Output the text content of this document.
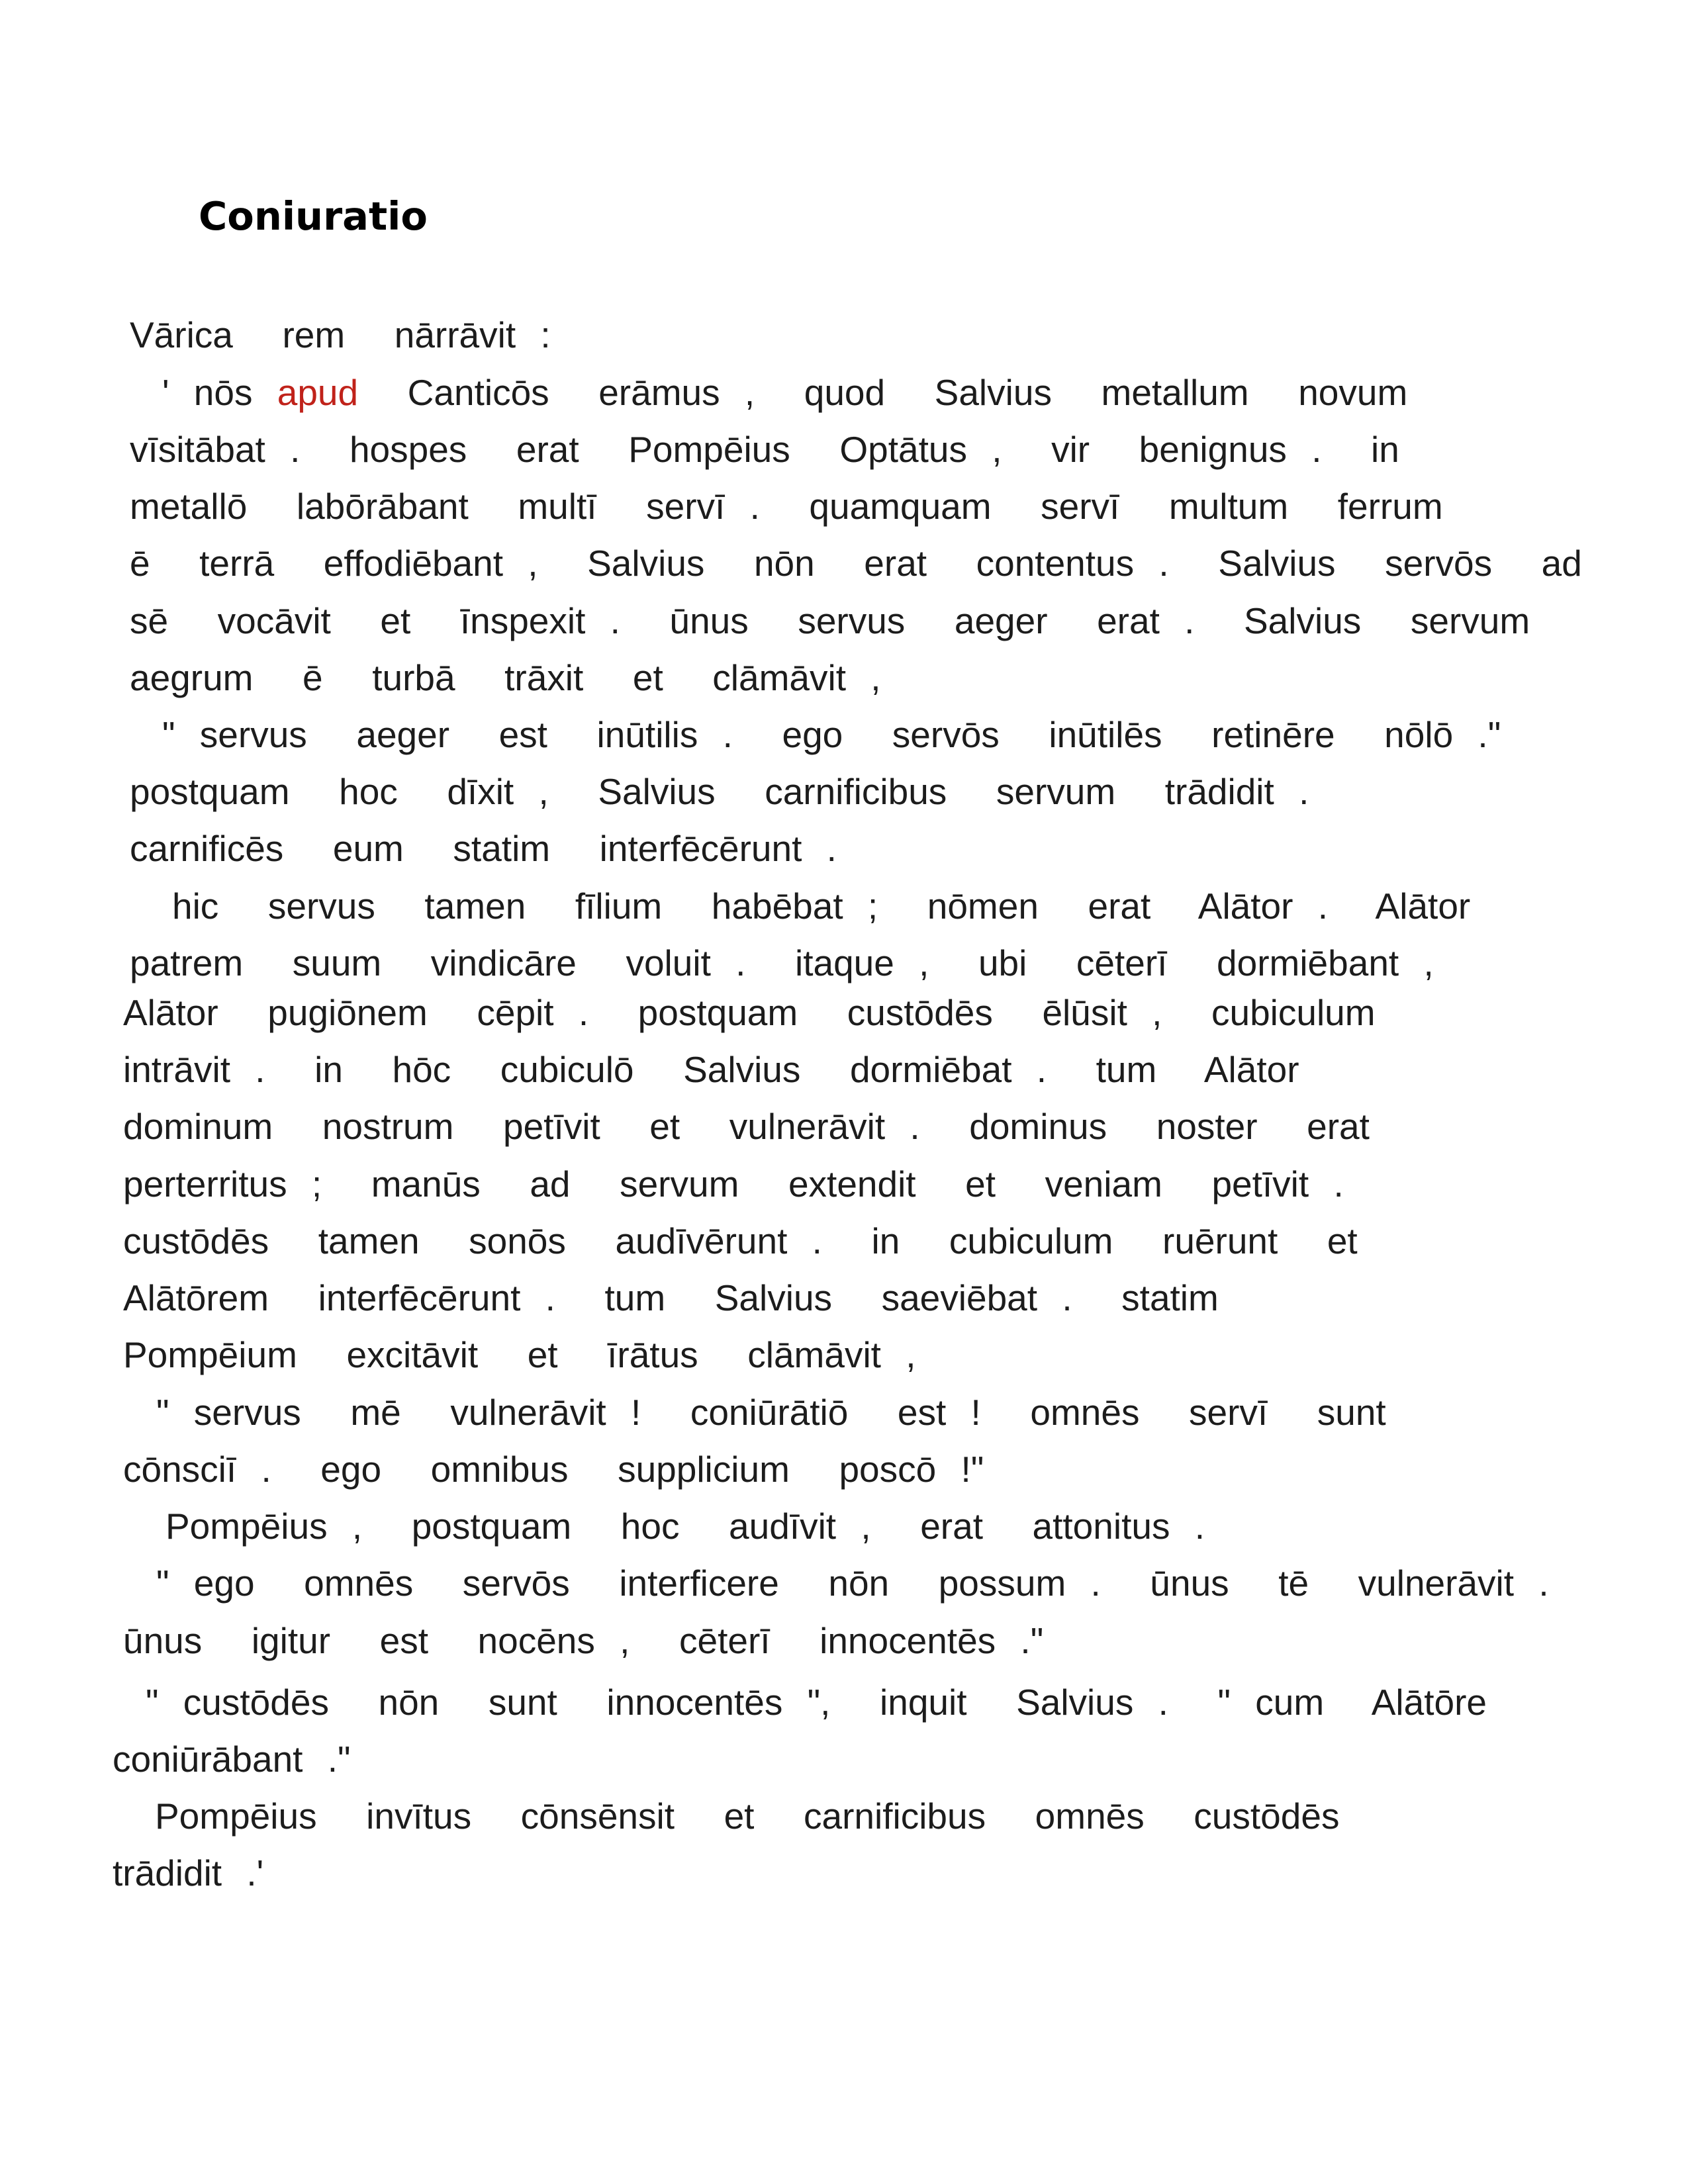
Coniuratio

Vārica  rem  nārrāvit :

' nōs apud  Canticōs  erāmus ,  quod  Salvius  metallum  novum

vīsitābat .  hospes  erat  Pompēius  Optātus ,  vir  benignus .  in

metallō  labōrābant  multī  servī .  quamquam  servī  multum  ferrum

ē  terrā  effodiēbant ,  Salvius  nōn  erat  contentus .  Salvius  servōs  ad

sē  vocāvit  et  īnspexit .  ūnus  servus  aeger  erat .  Salvius  servum

aegrum  ē  turbā  trāxit  et  clāmāvit ,

" servus  aeger  est  inūtilis .  ego  servōs  inūtilēs  retinēre  nōlō ."

postquam  hoc  dīxit ,  Salvius  carnificibus  servum  trādidit .

carnificēs  eum  statim  interfēcērunt .

hic  servus  tamen  fīlium  habēbat ;  nōmen  erat  Alātor .  Alātor

patrem  suum  vindicāre  voluit .  itaque ,  ubi  cēterī  dormiēbant ,

Alātor  pugiōnem  cēpit .  postquam  custōdēs  ēlūsit ,  cubiculum

intrāvit .  in  hōc  cubiculō  Salvius  dormiēbat .  tum  Alātor

dominum  nostrum  petīvit  et  vulnerāvit .  dominus  noster  erat

perterritus ;  manūs  ad  servum  extendit  et  veniam  petīvit .

custōdēs  tamen  sonōs  audīvērunt .  in  cubiculum  ruērunt  et

Alātōrem  interfēcērunt .  tum  Salvius  saeviēbat .  statim

Pompēium  excitāvit  et  īrātus  clāmāvit ,

" servus  mē  vulnerāvit !  coniūrātiō  est !  omnēs  servī  sunt

cōnsciī .  ego  omnibus  supplicium  poscō !"

Pompēius ,  postquam  hoc  audīvit ,  erat  attonitus .

" ego  omnēs  servōs  interficere  nōn  possum .  ūnus  tē  vulnerāvit .

ūnus  igitur  est  nocēns ,  cēterī  innocentēs ."

" custōdēs  nōn  sunt  innocentēs ",  inquit  Salvius .  " cum  Alātōre

coniūrābant ."

Pompēius  invītus  cōnsēnsit  et  carnificibus  omnēs  custōdēs

trādidit .'
